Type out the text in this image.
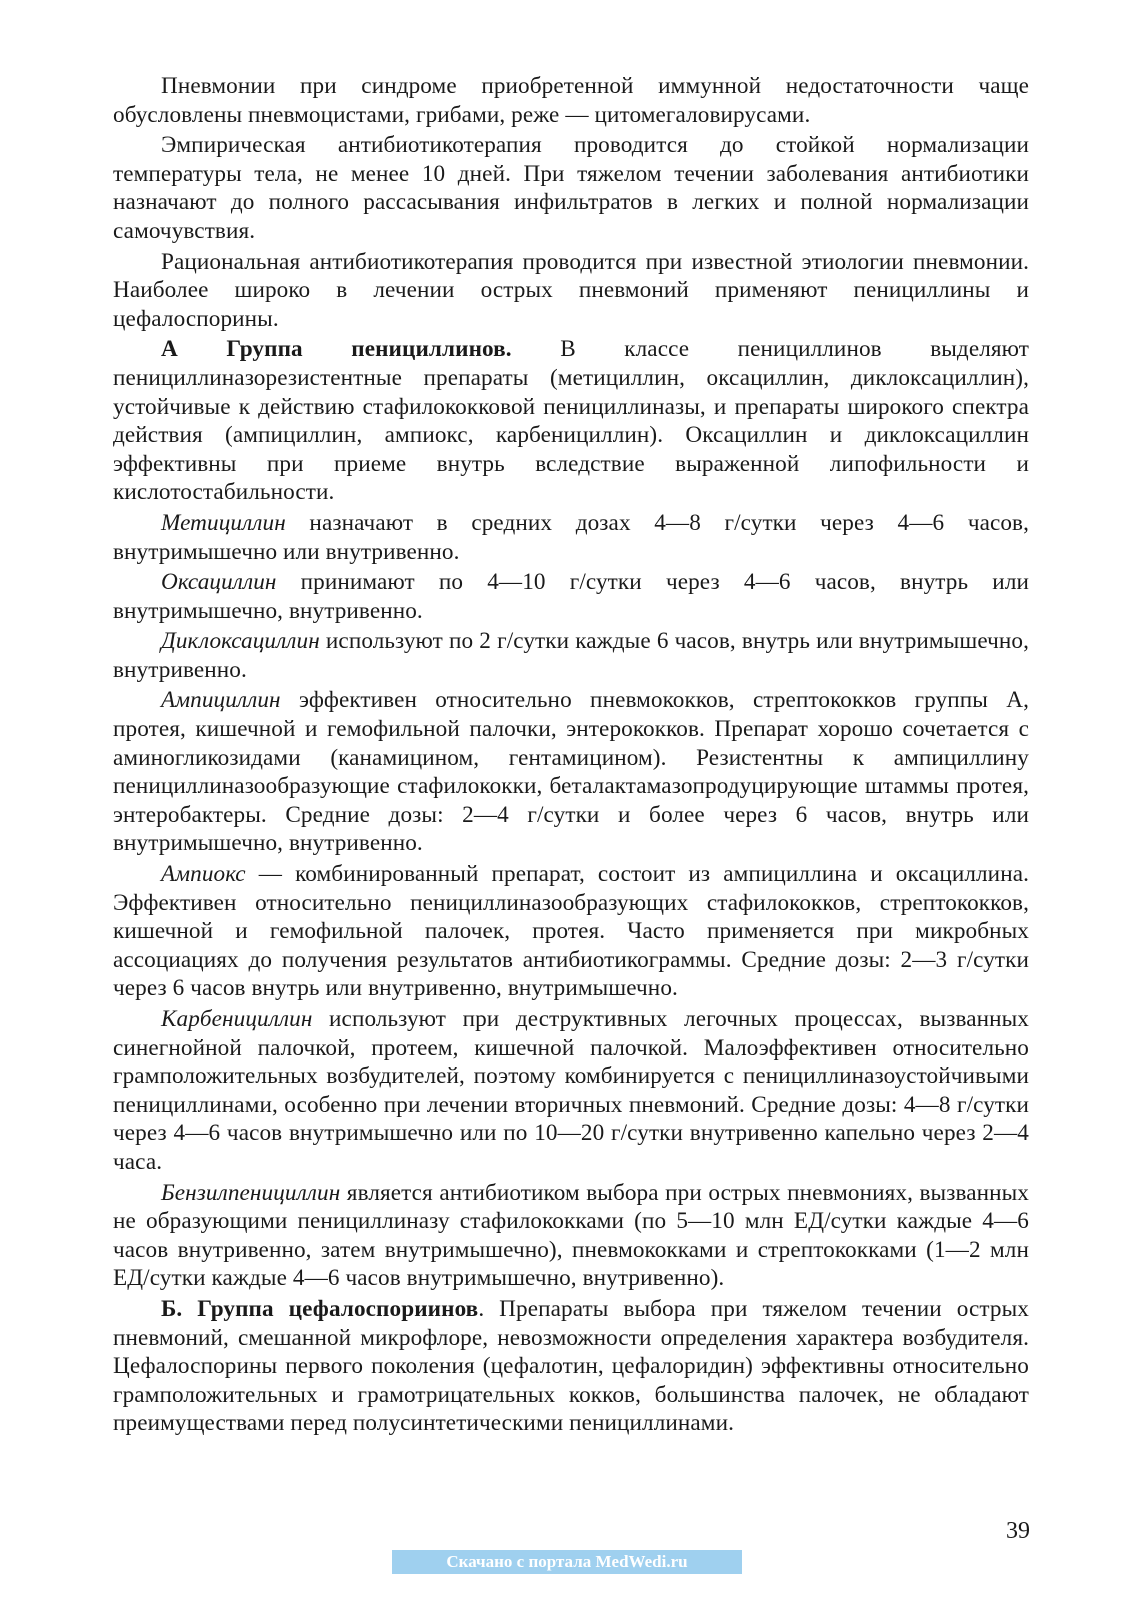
Пневмонии при синдроме приобретенной иммунной недостаточности чаще обусловлены пневмоцистами, грибами, реже — цитомегаловирусами.

Эмпирическая антибиотикотерапия проводится до стойкой нормализации температуры тела, не менее 10 дней. При тяжелом течении заболевания антибиотики назначают до полного рассасывания инфильтратов в легких и полной нормализации самочувствия.

Рациональная антибиотикотерапия проводится при известной этиологии пневмонии. Наиболее широко в лечении острых пневмоний применяют пенициллины и цефалоспорины.

А Группа пенициллинов. В классе пенициллинов выделяют пенициллиназорезистентные препараты (метициллин, оксациллин, диклоксациллин), устойчивые к действию стафилококковой пенициллиназы, и препараты широкого спектра действия (ампициллин, ампиокс, карбенициллин). Оксациллин и диклоксациллин эффективны при приеме внутрь вследствие выраженной липофильности и кислотостабильности.

Метициллин назначают в средних дозах 4—8 г/сутки через 4—6 часов, внутримышечно или внутривенно.

Оксациллин принимают по 4—10 г/сутки через 4—6 часов, внутрь или внутримышечно, внутривенно.

Диклоксациллин используют по 2 г/сутки каждые 6 часов, внутрь или внутримышечно, внутривенно.

Ампициллин эффективен относительно пневмококков, стрептококков группы А, протея, кишечной и гемофильной палочки, энтерококков. Препарат хорошо сочетается с аминогликозидами (канамицином, гентамицином). Резистентны к ампициллину пенициллиназообразующие стафилококки, беталактамазопродуцирующие штаммы протея, энтеробактеры. Средние дозы: 2—4 г/сутки и более через 6 часов, внутрь или внутримышечно, внутривенно.

Ампиокс — комбинированный препарат, состоит из ампициллина и оксациллина. Эффективен относительно пенициллиназообразующих стафилококков, стрептококков, кишечной и гемофильной палочек, протея. Часто применяется при микробных ассоциациях до получения результатов антибиотикограммы. Средние дозы: 2—3 г/сутки через 6 часов внутрь или внутривенно, внутримышечно.

Карбенициллин используют при деструктивных легочных процессах, вызванных синегнойной палочкой, протеем, кишечной палочкой. Малоэффективен относительно грамположительных возбудителей, поэтому комбинируется с пенициллиназоустойчивыми пенициллинами, особенно при лечении вторичных пневмоний. Средние дозы: 4—8 г/сутки через 4—6 часов внутримышечно или по 10—20 г/сутки внутривенно капельно через 2—4 часа.

Бензилпенициллин является антибиотиком выбора при острых пневмониях, вызванных не образующими пенициллиназу стафилококками (по 5—10 млн ЕД/сутки каждые 4—6 часов внутривенно, затем внутримышечно), пневмококками и стрептококками (1—2 млн ЕД/сутки каждые 4—6 часов внутримышечно, внутривенно).

Б. Группа цефалоспориинов. Препараты выбора при тяжелом течении острых пневмоний, смешанной микрофлоре, невозможности определения характера возбудителя. Цефалоспорины первого поколения (цефалотин, цефалоридин) эффективны относительно грамположительных и грамотрицательных кокков, большинства палочек, не обладают преимуществами перед полусинтетическими пенициллинами.

39
Скачано с портала MedWedi.ru
